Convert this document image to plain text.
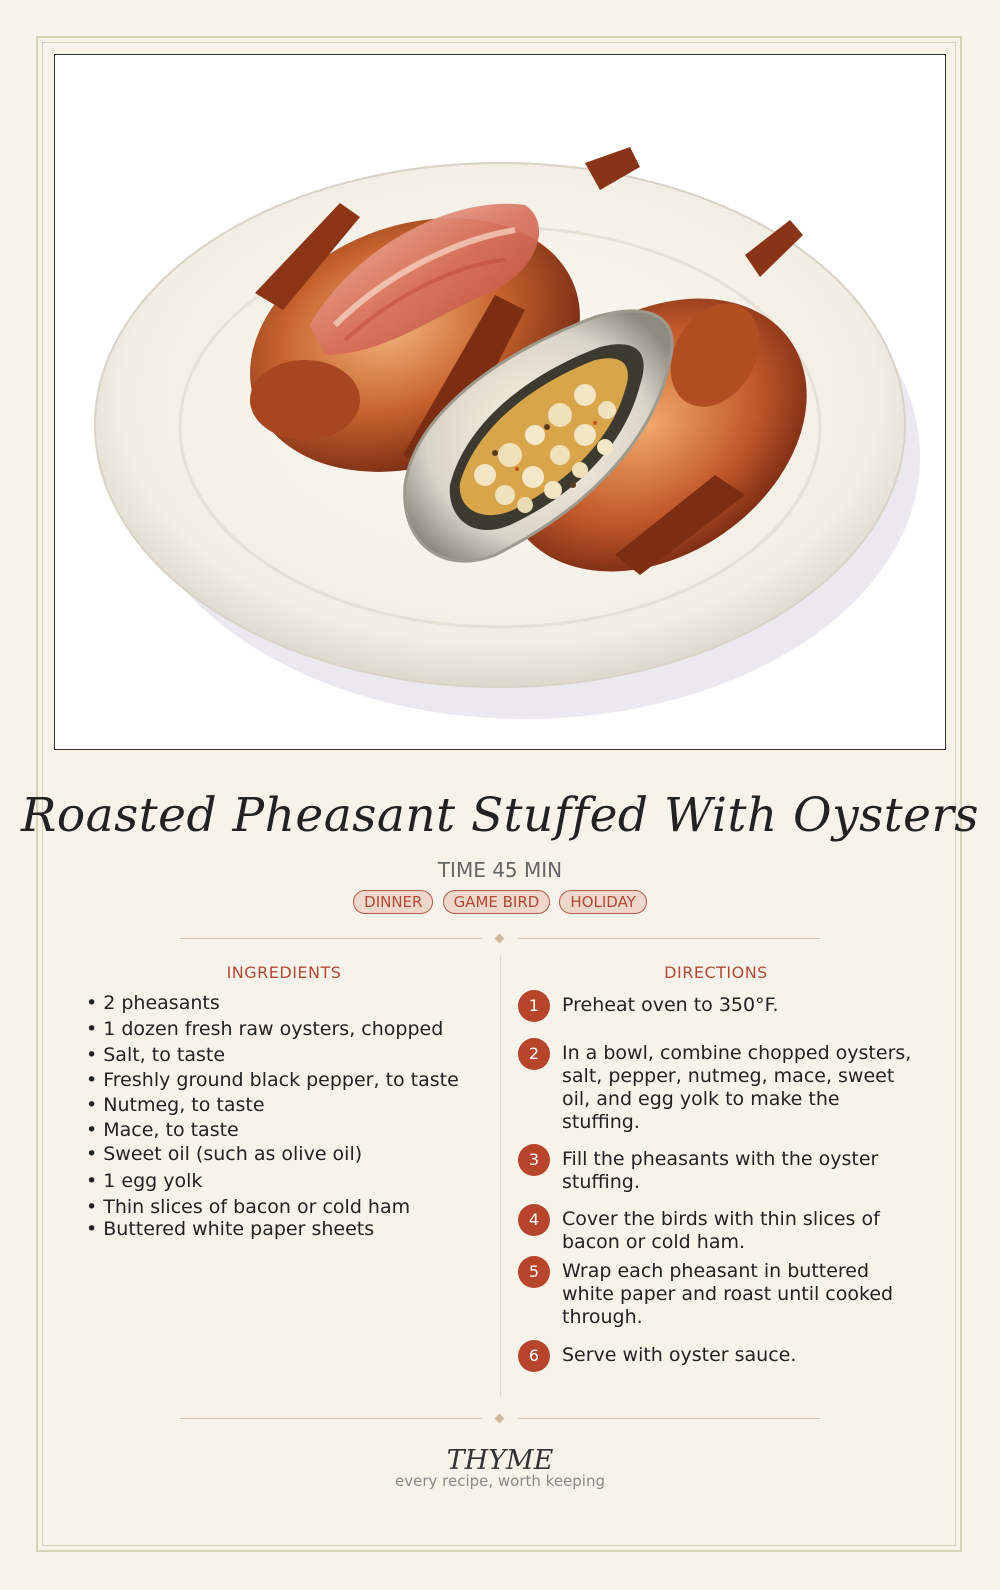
Roasted Pheasant Stuffed With Oysters
TIME 45 MIN
DINNER GAME BIRD HOLIDAY
INGREDIENTS	DIRECTIONS
• 2 pheasants
• 1 dozen fresh raw oysters, chopped
• Salt, to taste
• Freshly ground black pepper, to taste
• Nutmeg, to taste
• Mace, to taste
• Sweet oil (such as olive oil)
• 1 egg yolk
• Thin slices of bacon or cold ham
• Buttered white paper sheets
1	Preheat oven to 350°F.
2	In a bowl, combine chopped oysters, salt, pepper, nutmeg, mace, sweet oil, and egg yolk to make the stuffing.
3	Fill the pheasants with the oyster stuffing.
4	Cover the birds with thin slices of bacon or cold ham.
5	Wrap each pheasant in buttered white paper and roast until cooked through.
6	Serve with oyster sauce.
THYME
every recipe, worth keeping
